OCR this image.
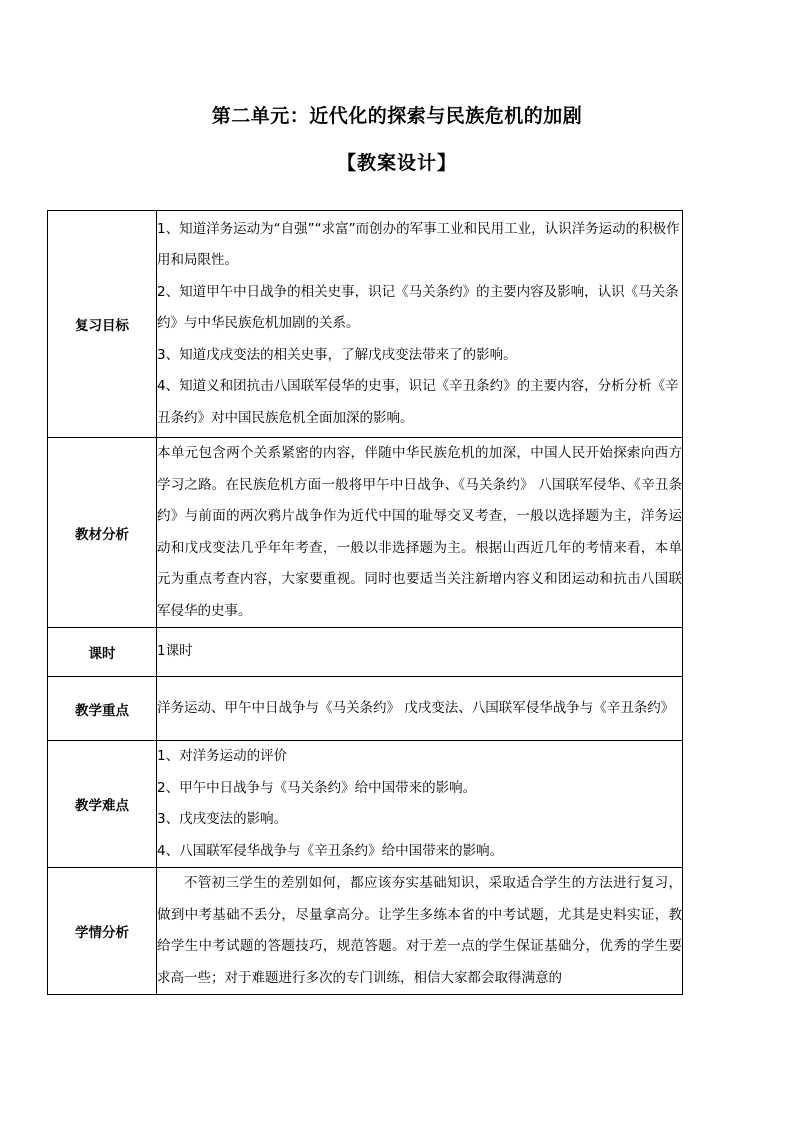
第二单元：近代化的探索与民族危机的加剧
【教案设计】
复习目标	1、知道洋务运动为“自强”“求富”而创办的军事工业和民用工业，认识洋务运动的积极作用和局限性。

2、知道甲午中日战争的相关史事，识记《马关条约》的主要内容及影响，认识《马关条约》与中华民族危机加剧的关系。

3、知道戊戌变法的相关史事，了解戊戌变法带来了的影响。

4、知道义和团抗击八国联军侵华的史事，识记《辛丑条约》的主要内容，分析分析《辛丑条约》对中国民族危机全面加深的影响。

教材分析	本单元包含两个关系紧密的内容，伴随中华民族危机的加深，中国人民开始探索向西方学习之路。在民族危机方面一般将甲午中日战争、《马关条约》 八国联军侵华、《辛丑条约》与前面的两次鸦片战争作为近代中国的耻辱交叉考查，一般以选择题为主，洋务运动和戊戌变法几乎年年考查，一般以非选择题为主。根据山西近几年的考情来看，本单元为重点考查内容，大家要重视。同时也要适当关注新增内容义和团运动和抗击八国联军侵华的史事。
课时	1课时
教学重点	洋务运动、甲午中日战争与《马关条约》 戊戌变法、八国联军侵华战争与《辛丑条约》
教学难点	1、对洋务运动的评价

2、甲午中日战争与《马关条约》给中国带来的影响。

3、戊戌变法的影响。

4、八国联军侵华战争与《辛丑条约》给中国带来的影响。

学情分析	不管初三学生的差别如何，都应该夯实基础知识，采取适合学生的方法进行复习，做到中考基础不丢分，尽量拿高分。让学生多练本省的中考试题，尤其是史料实证，教给学生中考试题的答题技巧，规范答题。对于差一点的学生保证基础分，优秀的学生要求高一些；对于难题进行多次的专门训练，相信大家都会取得满意的
